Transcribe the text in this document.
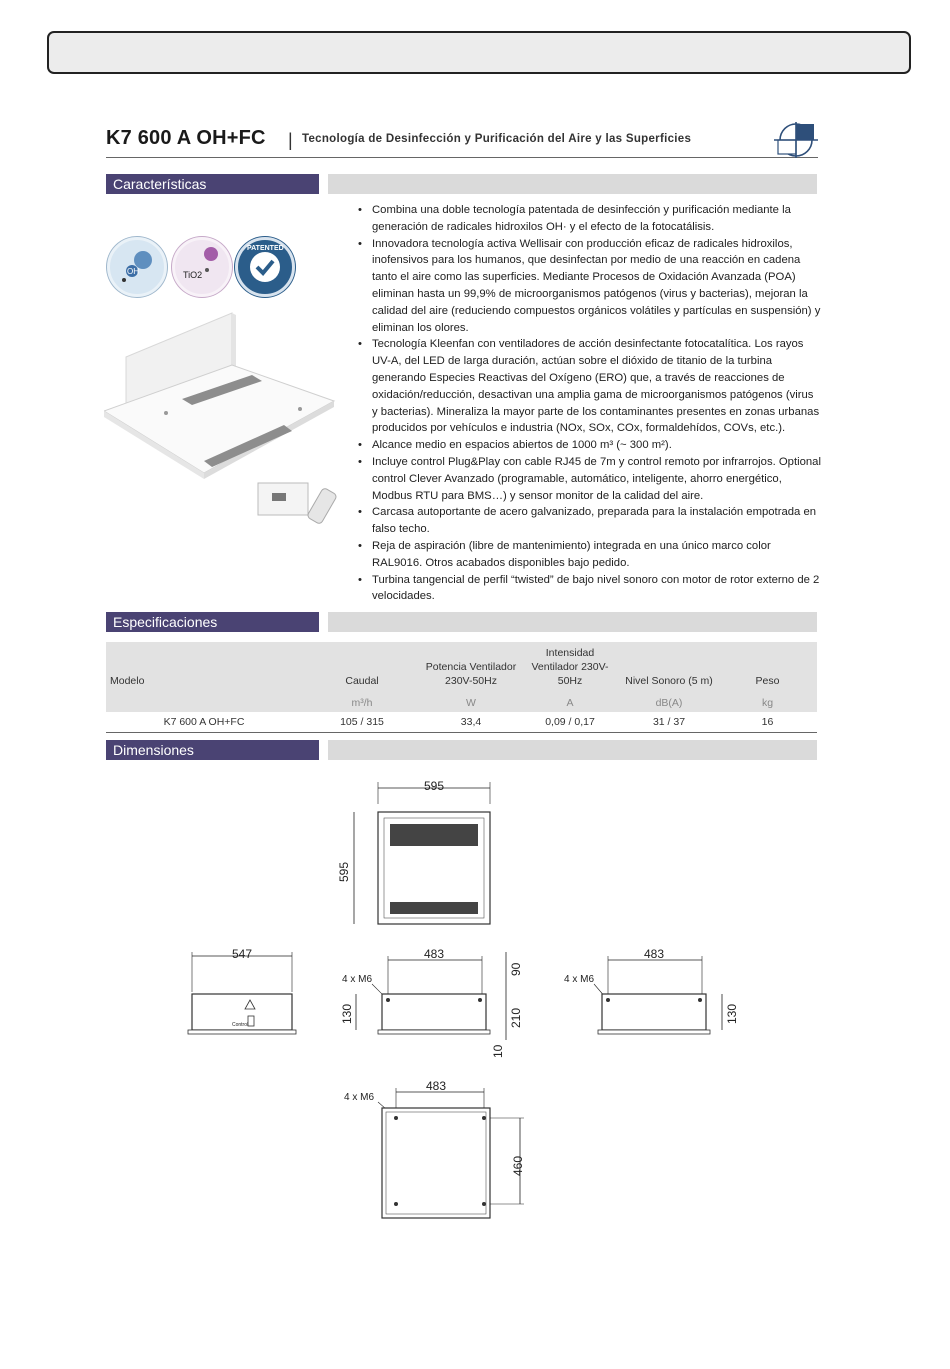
K7 600 A OH+FC | Tecnología de Desinfección y Purificación del Aire y las Superficies
Características
OH	TiO2
PATENTED
• Combina una doble tecnología patentada de desinfección y purificación mediante la generación de radicales hidroxilos OH· y el efecto de la fotocatálisis.
• Innovadora tecnología activa Wellisair con producción eficaz de radicales hidroxilos, inofensivos para los humanos, que desinfectan por medio de una reacción en cadena tanto el aire como las superficies. Mediante Procesos de Oxidación Avanzada (POA) eliminan hasta un 99,9% de microorganismos patógenos (virus y bacterias), mejoran la calidad del aire (reduciendo compuestos orgánicos volátiles y partículas en suspensión) y eliminan los olores.
• Tecnología Kleenfan con ventiladores de acción desinfectante fotocatalítica. Los rayos UV-A, del LED de larga duración, actúan sobre el dióxido de titanio de la turbina generando Especies Reactivas del Oxígeno (ERO) que, a través de reacciones de oxidación/reducción, desactivan una amplia gama de microorganismos patógenos (virus y bacterias). Mineraliza la mayor parte de los contaminantes presentes en zonas urbanas producidos por vehículos e industria (NOx, SOx, COx, formaldehídos, COVs, etc.).
• Alcance medio en espacios abiertos de 1000 m³ (~ 300 m²).
• Incluye control Plug&Play con cable RJ45 de 7m y control remoto por infrarrojos. Optional control Clever Avanzado (programable, automático, inteligente, ahorro energético, Modbus RTU para BMS…) y sensor monitor de la calidad del aire.
• Carcasa autoportante de acero galvanizado, preparada para la instalación empotrada en falso techo.
• Reja de aspiración (libre de mantenimiento) integrada en una único marco color RAL9016. Otros acabados disponibles bajo pedido.
• Turbina tangencial de perfil “twisted” de bajo nivel sonoro con motor de rotor externo de 2 velocidades.
Especificaciones
Modelo	Caudal	Potencia Ventilador 230V-50Hz	Intensidad Ventilador 230V-50Hz	Nivel Sonoro (5 m)	Peso
	m³/h	W	A	dB(A)	kg
K7 600 A OH+FC	105 / 315	33,4	0,09 / 0,17	31 / 37	16
Dimensiones
595
595
547
Control
483
4 x M6
130
90
210
10
483
4 x M6
130
483
4 x M6
460
